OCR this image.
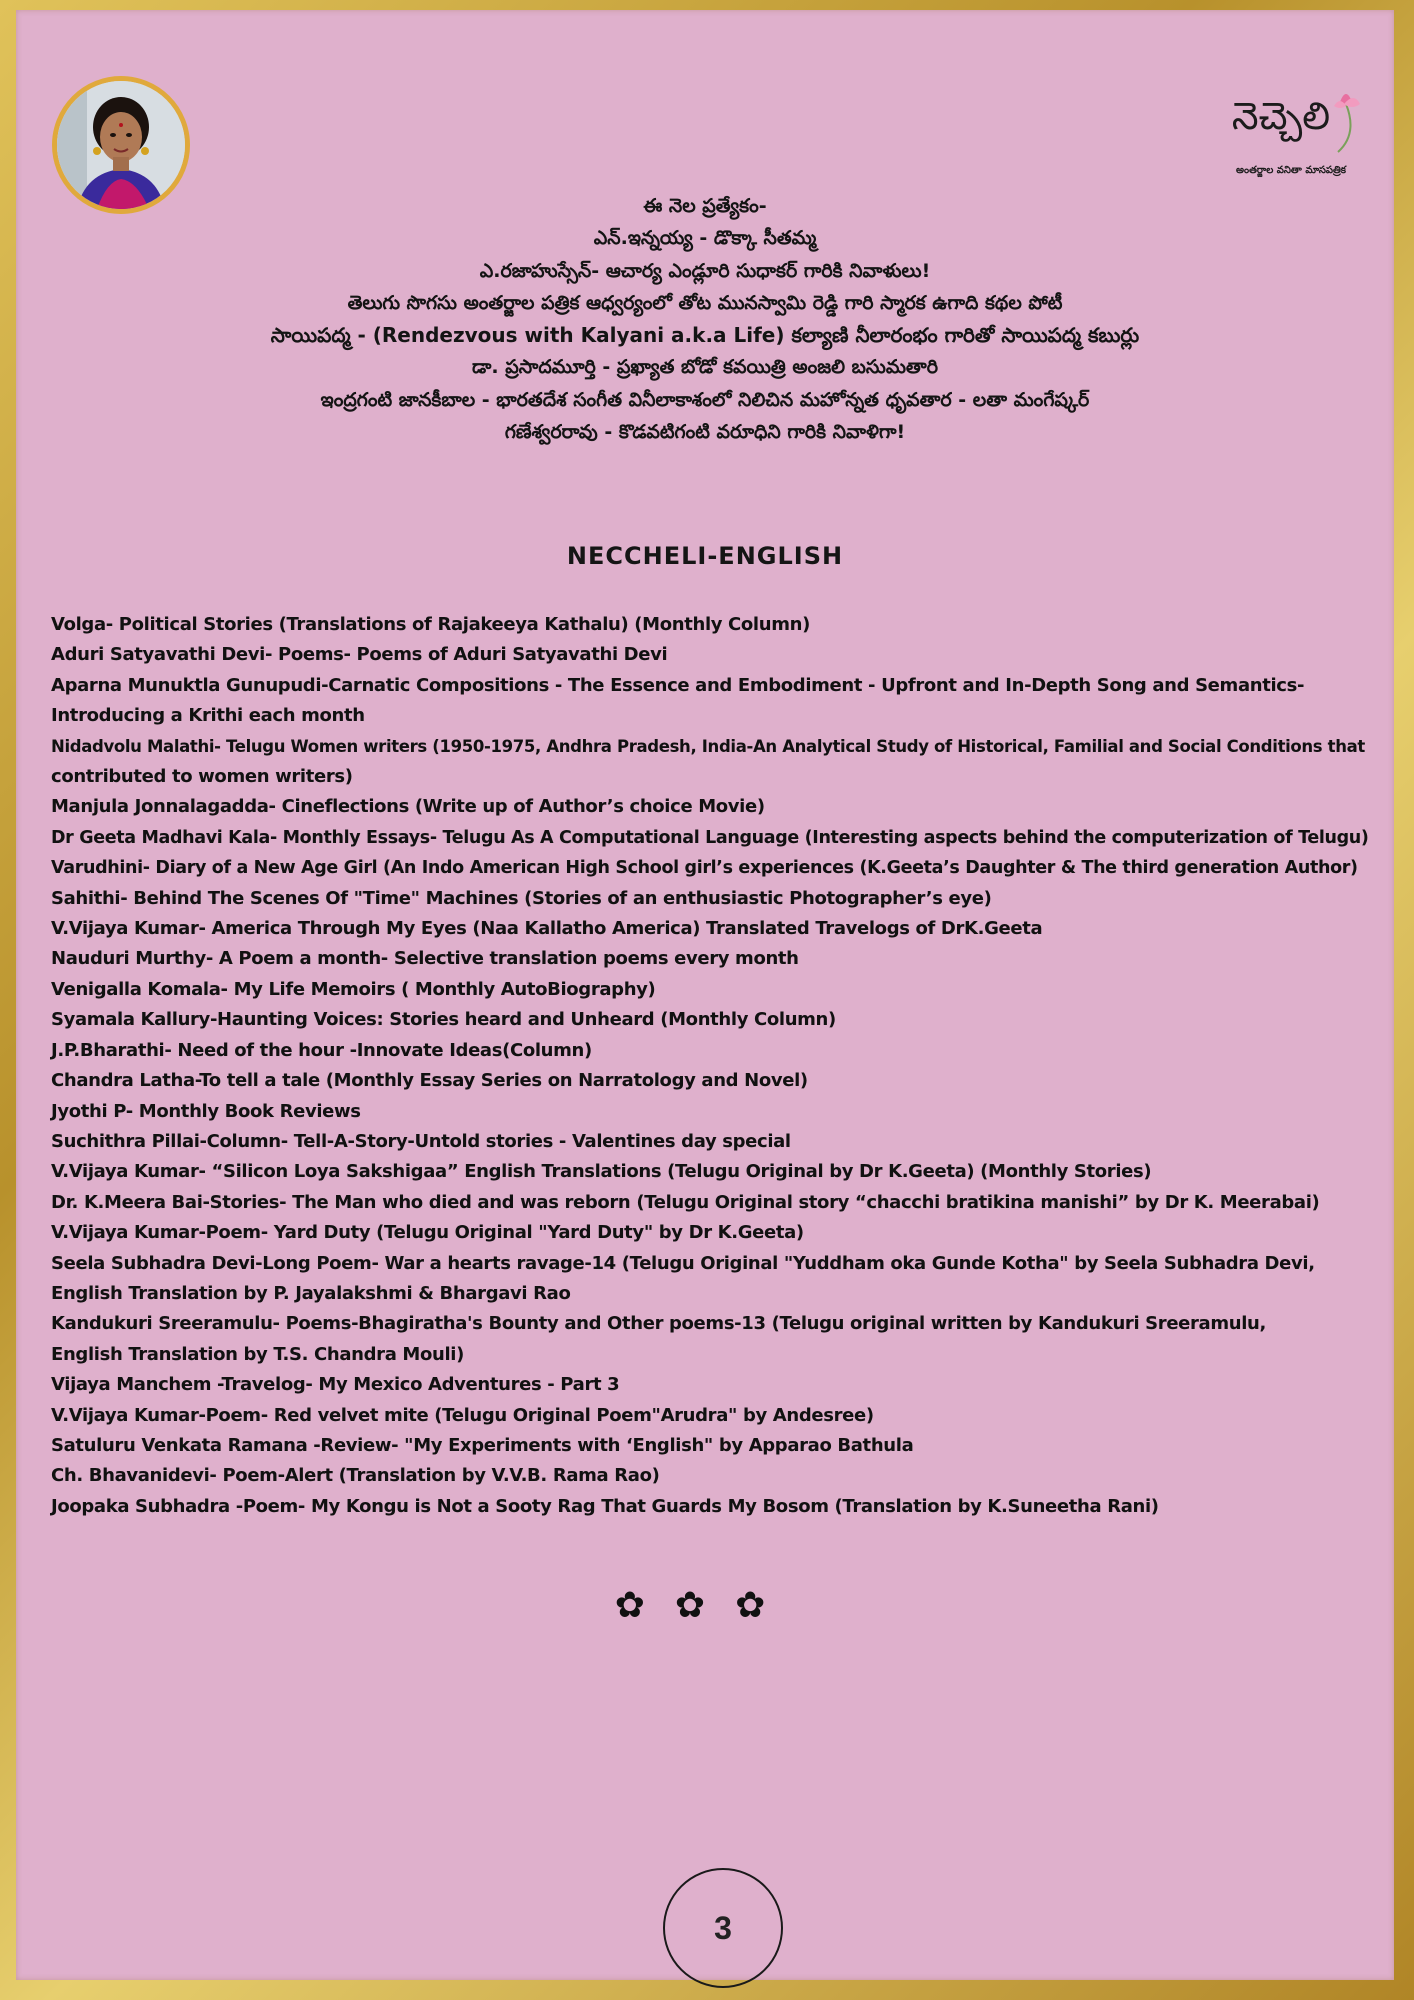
నెచ్చెలి
అంతర్జాల వనితా మాసపత్రిక
ఈ నెల ప్రత్యేకం-
ఎన్.ఇన్నయ్య - డొక్కా సీతమ్మ
ఎ.రజాహుస్సేన్- ఆచార్య ఎండ్లూరి సుధాకర్ గారికి నివాళులు!
తెలుగు సొగసు అంతర్జాల పత్రిక ఆధ్వర్యంలో తోట మునస్వామి రెడ్డి గారి స్మారక ఉగాది కథల పోటీ
సాయిపద్మ - (Rendezvous with Kalyani a.k.a Life) కల్యాణి నీలారంభం గారితో సాయిపద్మ కబుర్లు
డా. ప్రసాదమూర్తి - ప్రఖ్యాత బోడో కవయిత్రి అంజలి బసుమతారి
ఇంద్రగంటి జానకీబాల - భారతదేశ సంగీత వినీలాకాశంలో నిలిచిన మహోన్నత ధృవతార - లతా మంగేష్కర్
గణేశ్వరరావు - కొడవటిగంటి వరూధిని గారికి నివాళిగా!
NECCHELI-ENGLISH
Volga- Political Stories (Translations of Rajakeeya Kathalu) (Monthly Column)
Aduri Satyavathi Devi- Poems- Poems of Aduri Satyavathi Devi
Aparna Munuktla Gunupudi-Carnatic Compositions - The Essence and Embodiment - Upfront and In-Depth Song and Semantics-
Introducing a Krithi each month
Nidadvolu Malathi- Telugu Women writers (1950-1975, Andhra Pradesh, India-An Analytical Study of Historical, Familial and Social Conditions that
contributed to women writers)
Manjula Jonnalagadda- Cineflections (Write up of Author’s choice Movie)
Dr Geeta Madhavi Kala- Monthly Essays- Telugu As A Computational Language (Interesting aspects behind the computerization of Telugu)
Varudhini- Diary of a New Age Girl (An Indo American High School girl’s experiences (K.Geeta’s Daughter & The third generation Author)
Sahithi- Behind The Scenes Of "Time" Machines (Stories of an enthusiastic Photographer’s eye)
V.Vijaya Kumar- America Through My Eyes (Naa Kallatho America) Translated Travelogs of DrK.Geeta
Nauduri Murthy- A Poem a month- Selective translation poems every month
Venigalla Komala- My Life Memoirs ( Monthly AutoBiography)
Syamala Kallury-Haunting Voices: Stories heard and Unheard (Monthly Column)
J.P.Bharathi- Need of the hour -Innovate Ideas(Column)
Chandra Latha-To tell a tale (Monthly Essay Series on Narratology and Novel)
Jyothi P- Monthly Book Reviews
Suchithra Pillai-Column- Tell-A-Story-Untold stories - Valentines day special
V.Vijaya Kumar- “Silicon Loya Sakshigaa” English Translations (Telugu Original by Dr K.Geeta) (Monthly Stories)
Dr. K.Meera Bai-Stories- The Man who died and was reborn (Telugu Original story “chacchi bratikina manishi” by Dr K. Meerabai)
V.Vijaya Kumar-Poem- Yard Duty (Telugu Original "Yard Duty" by Dr K.Geeta)
Seela Subhadra Devi-Long Poem- War a hearts ravage-14 (Telugu Original "Yuddham oka Gunde Kotha" by Seela Subhadra Devi,
English Translation by P. Jayalakshmi & Bhargavi Rao
Kandukuri Sreeramulu- Poems-Bhagiratha's Bounty and Other poems-13 (Telugu original written by Kandukuri Sreeramulu,
English Translation by T.S. Chandra Mouli)
Vijaya Manchem -Travelog- My Mexico Adventures - Part 3
V.Vijaya Kumar-Poem- Red velvet mite (Telugu Original Poem"Arudra" by Andesree)
Satuluru Venkata Ramana -Review- "My Experiments with ‘English" by Apparao Bathula
Ch. Bhavanidevi- Poem-Alert (Translation by V.V.B. Rama Rao)
Joopaka Subhadra -Poem- My Kongu is Not a Sooty Rag That Guards My Bosom (Translation by K.Suneetha Rani)
✿✿✿
3
